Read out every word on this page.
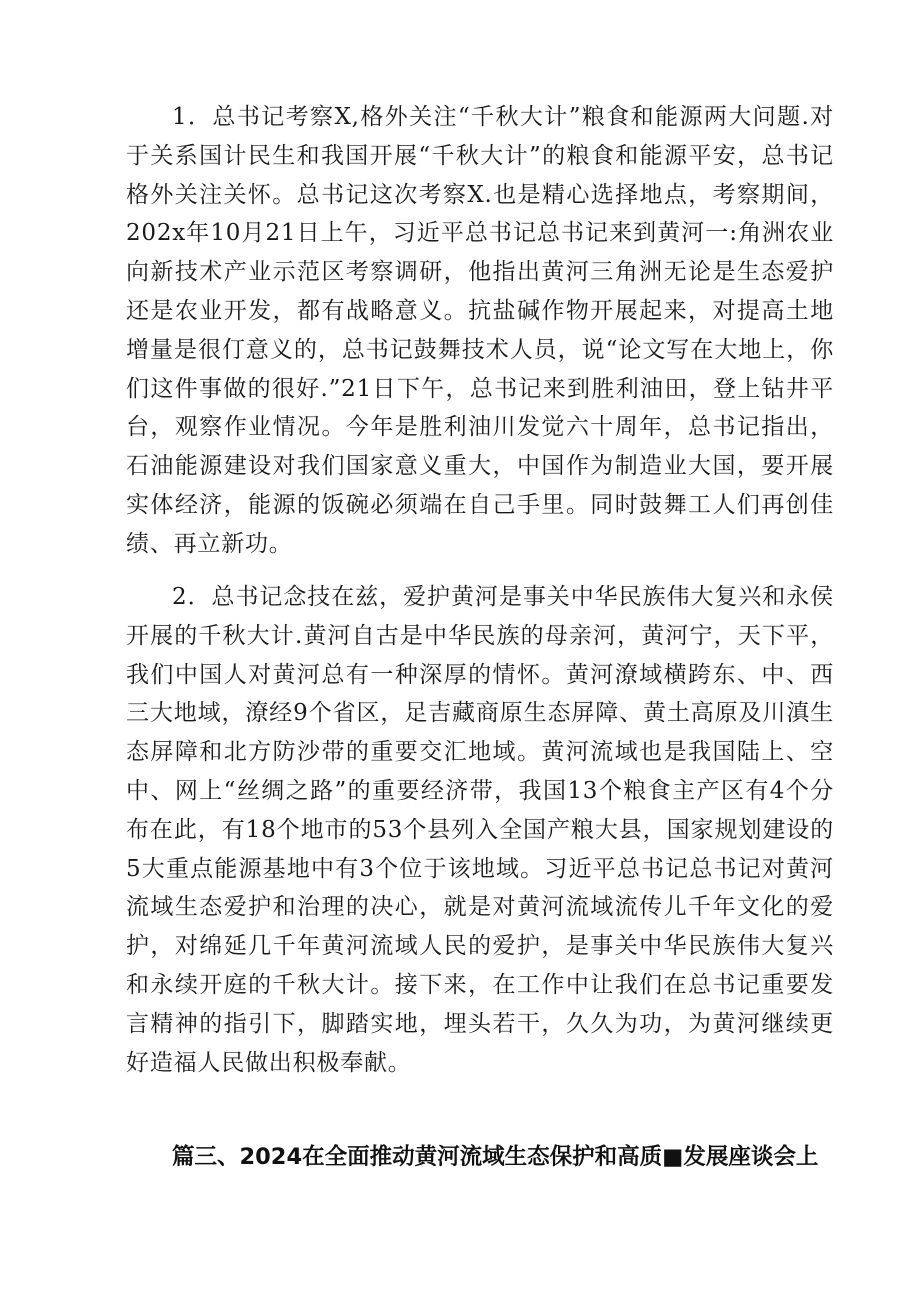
1．总书记考察X,格外关注“千秋大计”粮食和能源两大问题.对于关系国计民生和我国开展“千秋大计”的粮食和能源平安，总书记格外关注关怀。总书记这次考察X.也是精心选择地点，考察期间，202x年10月21日上午，习近平总书记总书记来到黄河一:角洲农业向新技术产业示范区考察调研，他指出黄河三角洲无论是生态爱护还是农业开发，都有战略意义。抗盐碱作物开展起来，对提高土地增量是很仃意义的，总书记鼓舞技术人员，说“论文写在大地上，你们这件事做的很好.”21日下午，总书记来到胜利油田，登上钻井平台，观察作业情况。今年是胜利油川发觉六十周年，总书记指出，石油能源建设对我们国家意义重大，中国作为制造业大国，要开展实体经济，能源的饭碗必须端在自己手里。同时鼓舞工人们再创佳绩、再立新功。

2．总书记念技在兹，爱护黄河是事关中华民族伟大复兴和永侯开展的千秋大计.黄河自古是中华民族的母亲河，黄河宁，天下平，我们中国人对黄河总有一种深厚的情怀。黄河潦域横跨东、中、西三大地域，潦经9个省区，足吉藏商原生态屏障、黄土高原及川滇生态屏障和北方防沙带的重要交汇地域。黄河流域也是我国陆上、空中、网上“丝绸之路”的重要经济带，我国13个粮食主产区有4个分布在此，有18个地市的53个县列入全国产粮大县，国家规划建设的5大重点能源基地中有3个位于该地域。习近平总书记总书记对黄河流域生态爱护和治理的决心，就是对黄河流域流传儿千年文化的爱护，对绵延几千年黄河流域人民的爱护，是事关中华民族伟大复兴和永续开庭的千秋大计。接下来，在工作中让我们在总书记重要发言精神的指引下，脚踏实地，埋头若干，久久为功，为黄河继续更好造福人民做出积极奉献。

篇三、2024在全面推动黄河流域生态保护和高质■发展座谈会上
